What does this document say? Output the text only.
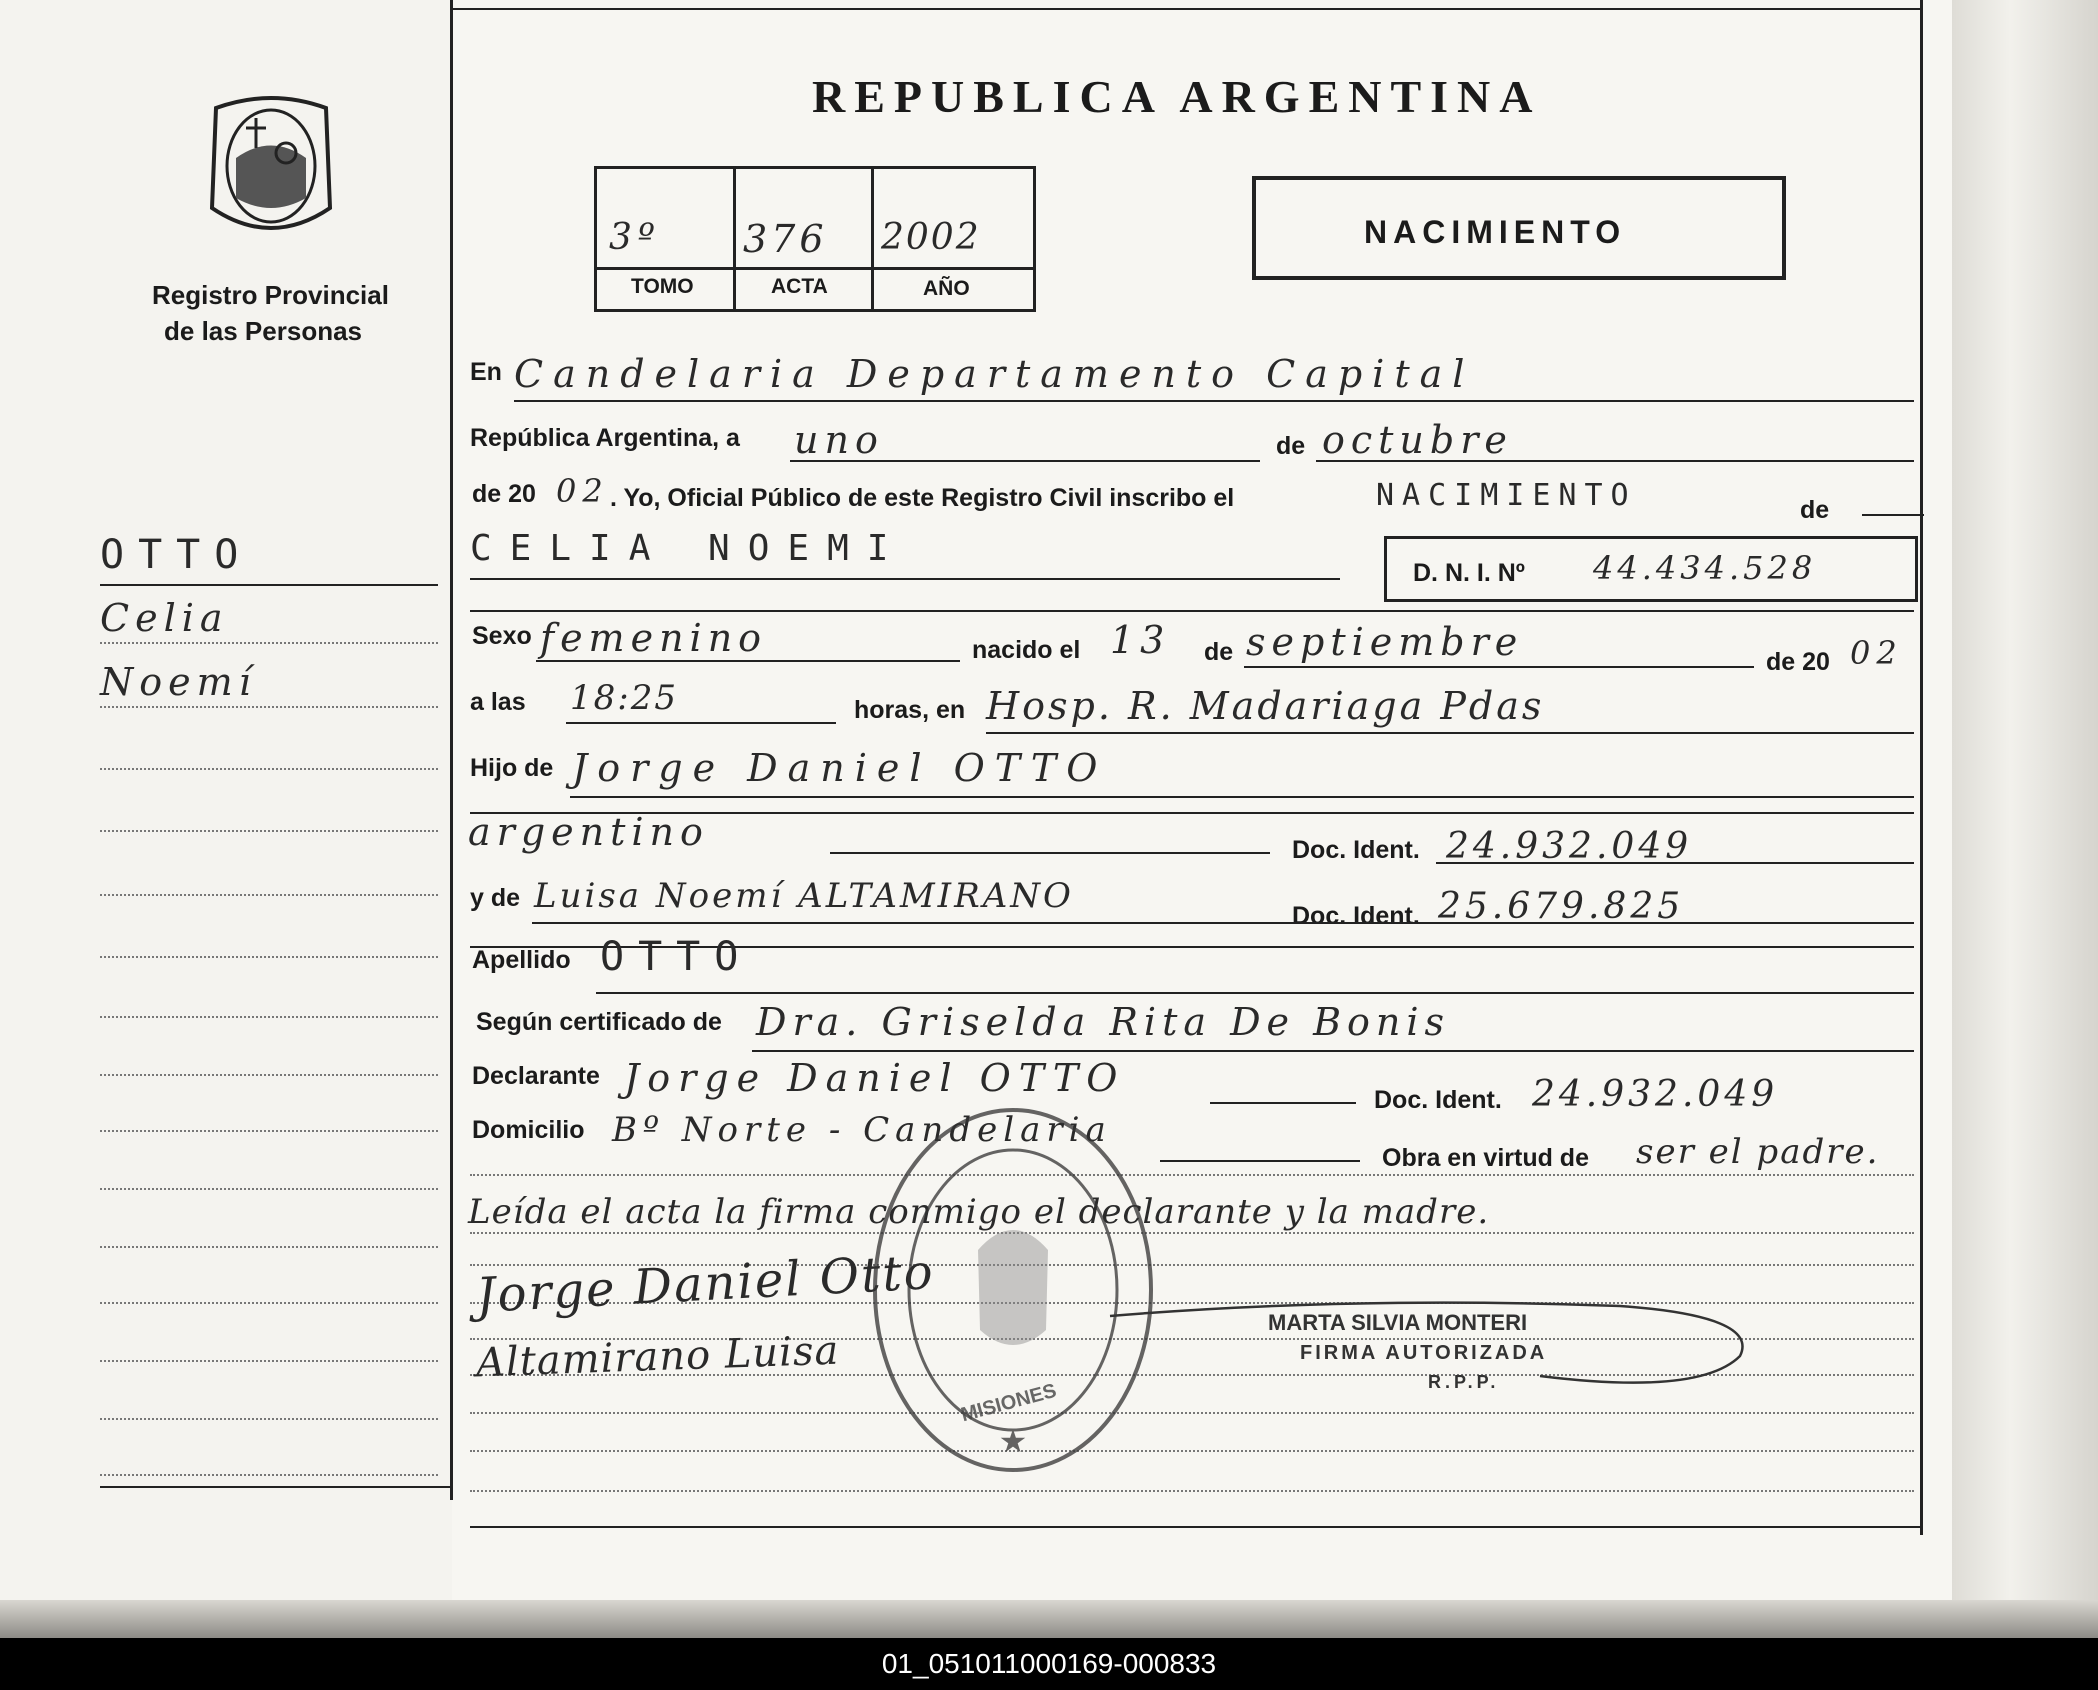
Registro Provincial
de las Personas
OTTO
Celia
Noemí
REPUBLICA ARGENTINA
3º 376 2002
TOMO	ACTA	AÑO
NACIMIENTO
En Candelaria Departamento Capital
República Argentina, a uno	de octubre
de 20 02 . Yo, Oficial Público de este Registro Civil inscribo el	NACIMIENTO	de
CELIA NOEMI
D. N. I. Nº 44.434.528
Sexo femenino	nacido el 13 de septiembre	de 20 02
a las 18:25	horas, en Hosp. R. Madariaga Pdas
Hijo de Jorge Daniel OTTO
argentino	Doc. Ident. 24.932.049
y de Luisa Noemí ALTAMIRANO	Doc. Ident. 25.679.825
Apellido OTTO
Según certificado de Dra. Griselda Rita De Bonis
Declarante Jorge Daniel OTTO	Doc. Ident. 24.932.049
Domicilio Bº Norte - Candelaria
Obra en virtud de ser el padre.
Leída el acta la firma conmigo el declarante y la madre.
Jorge Daniel Otto
Altamirano Luisa
★
MISIONES
MARTA SILVIA MONTERI
FIRMA AUTORIZADA
R.P.P.
01_051011000169-000833
